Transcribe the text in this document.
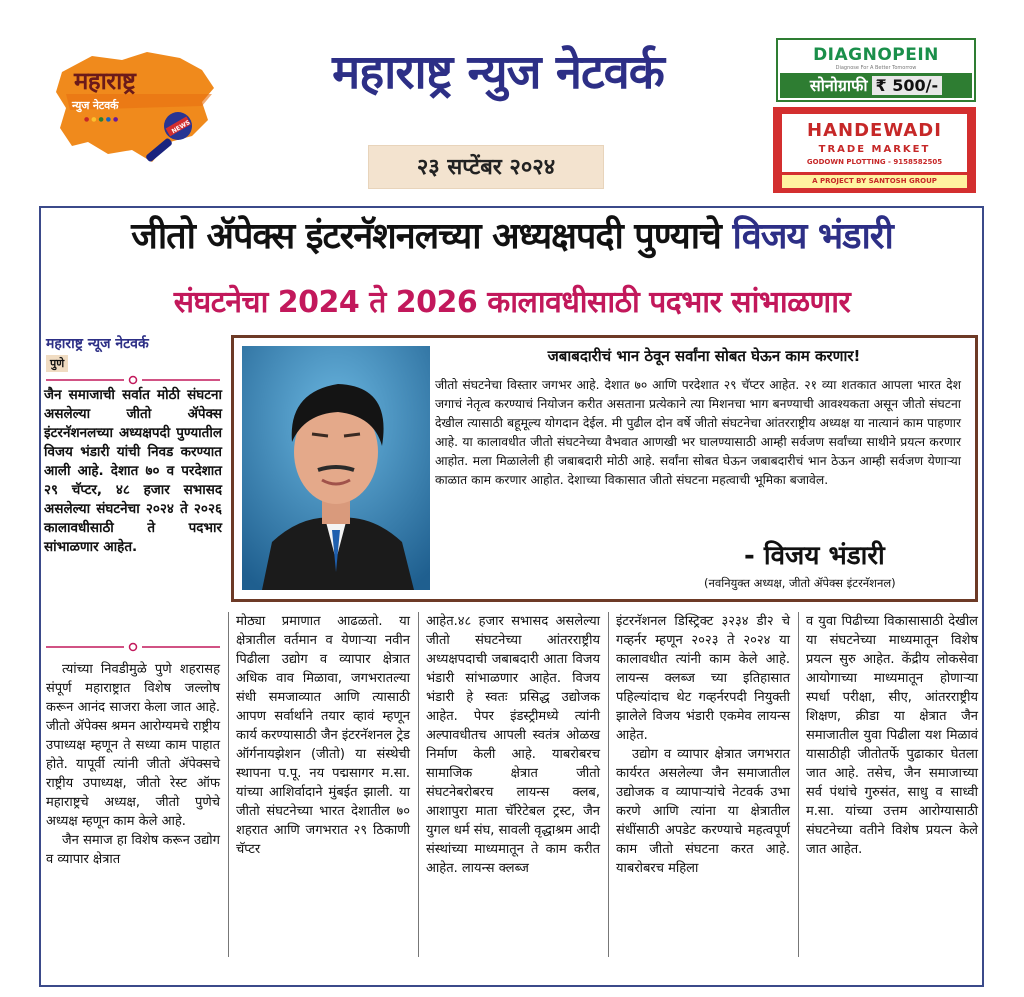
महाराष्ट्र
न्युज नेटवर्क
●●●●●	NEWS
महाराष्ट्र न्युज नेटवर्क
२३ सप्टेंबर २०२४
DIAGNOPEIN
Diagnose For A Better Tomorrow
सोनोग्राफी ₹ 500/-
HANDEWADI
TRADE MARKET
GODOWN PLOTTING - 9158582505
A PROJECT BY SANTOSH GROUP
जीतो ॲपेक्स इंटरनॅशनलच्या अध्यक्षपदी पुण्याचे विजय भंडारी
संघटनेचा 2024 ते 2026 कालावधीसाठी पदभार सांभाळणार
महाराष्ट्र न्यूज नेटवर्क
पुणे
जैन समाजाची सर्वात मोठी संघटना असलेल्या जीतो ॲपेक्स इंटरनॅशनलच्या अध्यक्षपदी पुण्यातील विजय भंडारी यांची निवड करण्यात आली आहे. देशात ७० व परदेशात २९ चॅप्टर, ४८ हजार सभासद असलेल्या संघटनेचा २०२४ ते २०२६ कालावधीसाठी ते पदभार सांभाळणार आहेत.
जबाबदारीचं भान ठेवून सर्वांना सोबत घेऊन काम करणार!
जीतो संघटनेचा विस्तार जगभर आहे. देशात ७० आणि परदेशात २९ चॅप्टर आहेत. २१ व्या शतकात आपला भारत देश जगाचं नेतृत्व करण्याचं नियोजन करीत असताना प्रत्येकाने त्या मिशनचा भाग बनण्याची आवश्यकता असून जीतो संघटना देखील त्यासाठी बहूमूल्य योगदान देईल. मी पुढील दोन वर्षे जीतो संघटनेचा आंतरराष्ट्रीय अध्यक्ष या नात्यानं काम पाहणार आहे. या कालावधीत जीतो संघटनेच्या वैभवात आणखी भर घालण्यासाठी आम्ही सर्वजण सर्वांच्या साथीने प्रयत्न करणार आहोत. मला मिळालेली ही जबाबदारी मोठी आहे. सर्वांना सोबत घेऊन जबाबदारीचं भान ठेऊन आम्ही सर्वजण येणाऱ्या काळात काम करणार आहोत. देशाच्या विकासात जीतो संघटना महत्वाची भूमिका बजावेल.
- विजय भंडारी
(नवनियुक्त अध्यक्ष, जीतो ॲपेक्स इंटरनॅशनल)

त्यांच्या निवडीमुळे पुणे शहरासह संपूर्ण महाराष्ट्रात विशेष जल्लोष करून आनंद साजरा केला जात आहे. जीतो ॲपेक्स श्रमन आरोग्यमचे राष्ट्रीय उपाध्यक्ष म्हणून ते सध्या काम पाहात होते. यापूर्वी त्यांनी जीतो ॲपेक्सचे राष्ट्रीय उपाध्यक्ष, जीतो रेस्ट ऑफ महाराष्ट्रचे अध्यक्ष, जीतो पुणेचे अध्यक्ष म्हणून काम केले आहे.

जैन समाज हा विशेष करून उद्योग व व्यापार क्षेत्रात

मोठ्या प्रमाणात आढळतो. या क्षेत्रातील वर्तमान व येणाऱ्या नवीन पिढीला उद्योग व व्यापार क्षेत्रात अधिक वाव मिळावा, जगभरातल्या संधी समजाव्यात आणि त्यासाठी आपण सर्वार्थाने तयार व्हावं म्हणून कार्य करण्यासाठी जैन इंटरनॅशनल ट्रेड ऑर्गनायझेशन (जीतो) या संस्थेची स्थापना प.पू. नय पद्मसागर म.सा. यांच्या आशिर्वादाने मुंबईत झाली. या जीतो संघटनेच्या भारत देशातील ७० शहरात आणि जगभरात २९ ठिकाणी चॅप्टर

आहेत.४८ हजार सभासद असलेल्या जीतो संघटनेच्या आंतरराष्ट्रीय अध्यक्षपदाची जबाबदारी आता विजय भंडारी सांभाळणार आहेत. विजय भंडारी हे स्वतः प्रसिद्ध उद्योजक आहेत. पेपर इंडस्ट्रीमध्ये त्यांनी अल्पावधीतच आपली स्वतंत्र ओळख निर्माण केली आहे. याबरोबरच सामाजिक क्षेत्रात जीतो संघटनेबरोबरच लायन्स क्लब, आशापुरा माता चॅरिटेबल ट्रस्ट, जैन युगल धर्म संघ, सावली वृद्धाश्रम आदी संस्थांच्या माध्यमातून ते काम करीत आहेत. लायन्स क्लब्ज

इंटरनॅशनल डिस्ट्रिक्ट ३२३४ डी२ चे गव्हर्नर म्हणून २०२३ ते २०२४ या कालावधीत त्यांनी काम केले आहे. लायन्स क्लब्ज च्या इतिहासात पहिल्यांदाच थेट गव्हर्नरपदी नियुक्ती झालेले विजय भंडारी एकमेव लायन्स आहेत.

उद्योग व व्यापार क्षेत्रात जगभरात कार्यरत असलेल्या जैन समाजातील उद्योजक व व्यापाऱ्यांचे नेटवर्क उभा करणे आणि त्यांना या क्षेत्रातील संधींसाठी अपडेट करण्याचे महत्वपूर्ण काम जीतो संघटना करत आहे. याबरोबरच महिला

व युवा पिढीच्या विकासासाठी देखील या संघटनेच्या माध्यमातून विशेष प्रयत्न सुरु आहेत. केंद्रीय लोकसेवा आयोगाच्या माध्यमातून होणाऱ्या स्पर्धा परीक्षा, सीए, आंतरराष्ट्रीय शिक्षण, क्रीडा या क्षेत्रात जैन समाजातील युवा पिढीला यश मिळावं यासाठीही जीतोतर्फे पुढाकार घेतला जात आहे. तसेच, जैन समाजाच्या सर्व पंथांचे गुरुसंत, साधु व साध्वी म.सा. यांच्या उत्तम आरोग्यासाठी संघटनेच्या वतीने विशेष प्रयत्न केले जात आहेत.
